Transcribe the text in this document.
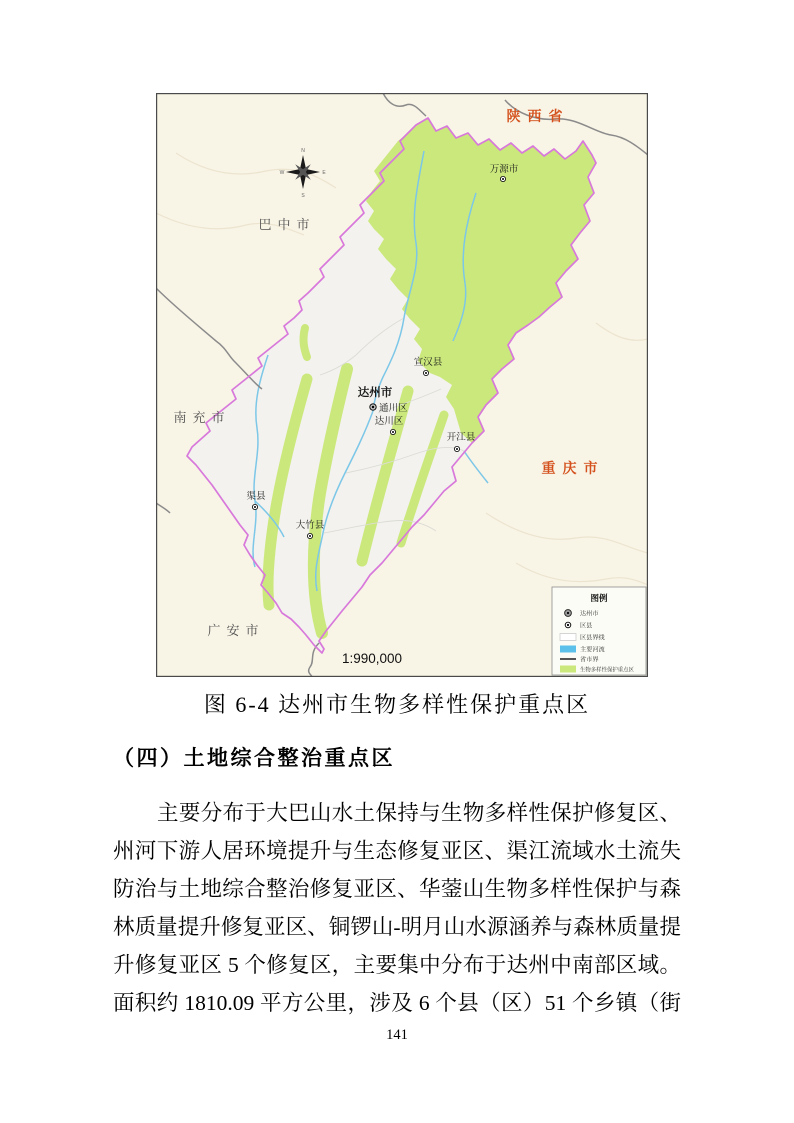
N
E
S
W
陕西省
重庆市
巴中市
南充市
广安市
万源市
宣汉县
达州市
通川区
达川区
开江县
渠县
大竹县
1:990,000
图例
达州市
区县
区县界线
主要河流
省市界
生物多样性保护重点区
图 6-4 达州市生物多样性保护重点区
（四）土地综合整治重点区
主要分布于大巴山水土保持与生物多样性保护修复区、
州河下游人居环境提升与生态修复亚区、渠江流域水土流失
防治与土地综合整治修复亚区、华蓥山生物多样性保护与森
林质量提升修复亚区、铜锣山-明月山水源涵养与森林质量提
升修复亚区 5 个修复区，主要集中分布于达州中南部区域。
面积约 1810.09 平方公里，涉及 6 个县（区）51 个乡镇（街
141
